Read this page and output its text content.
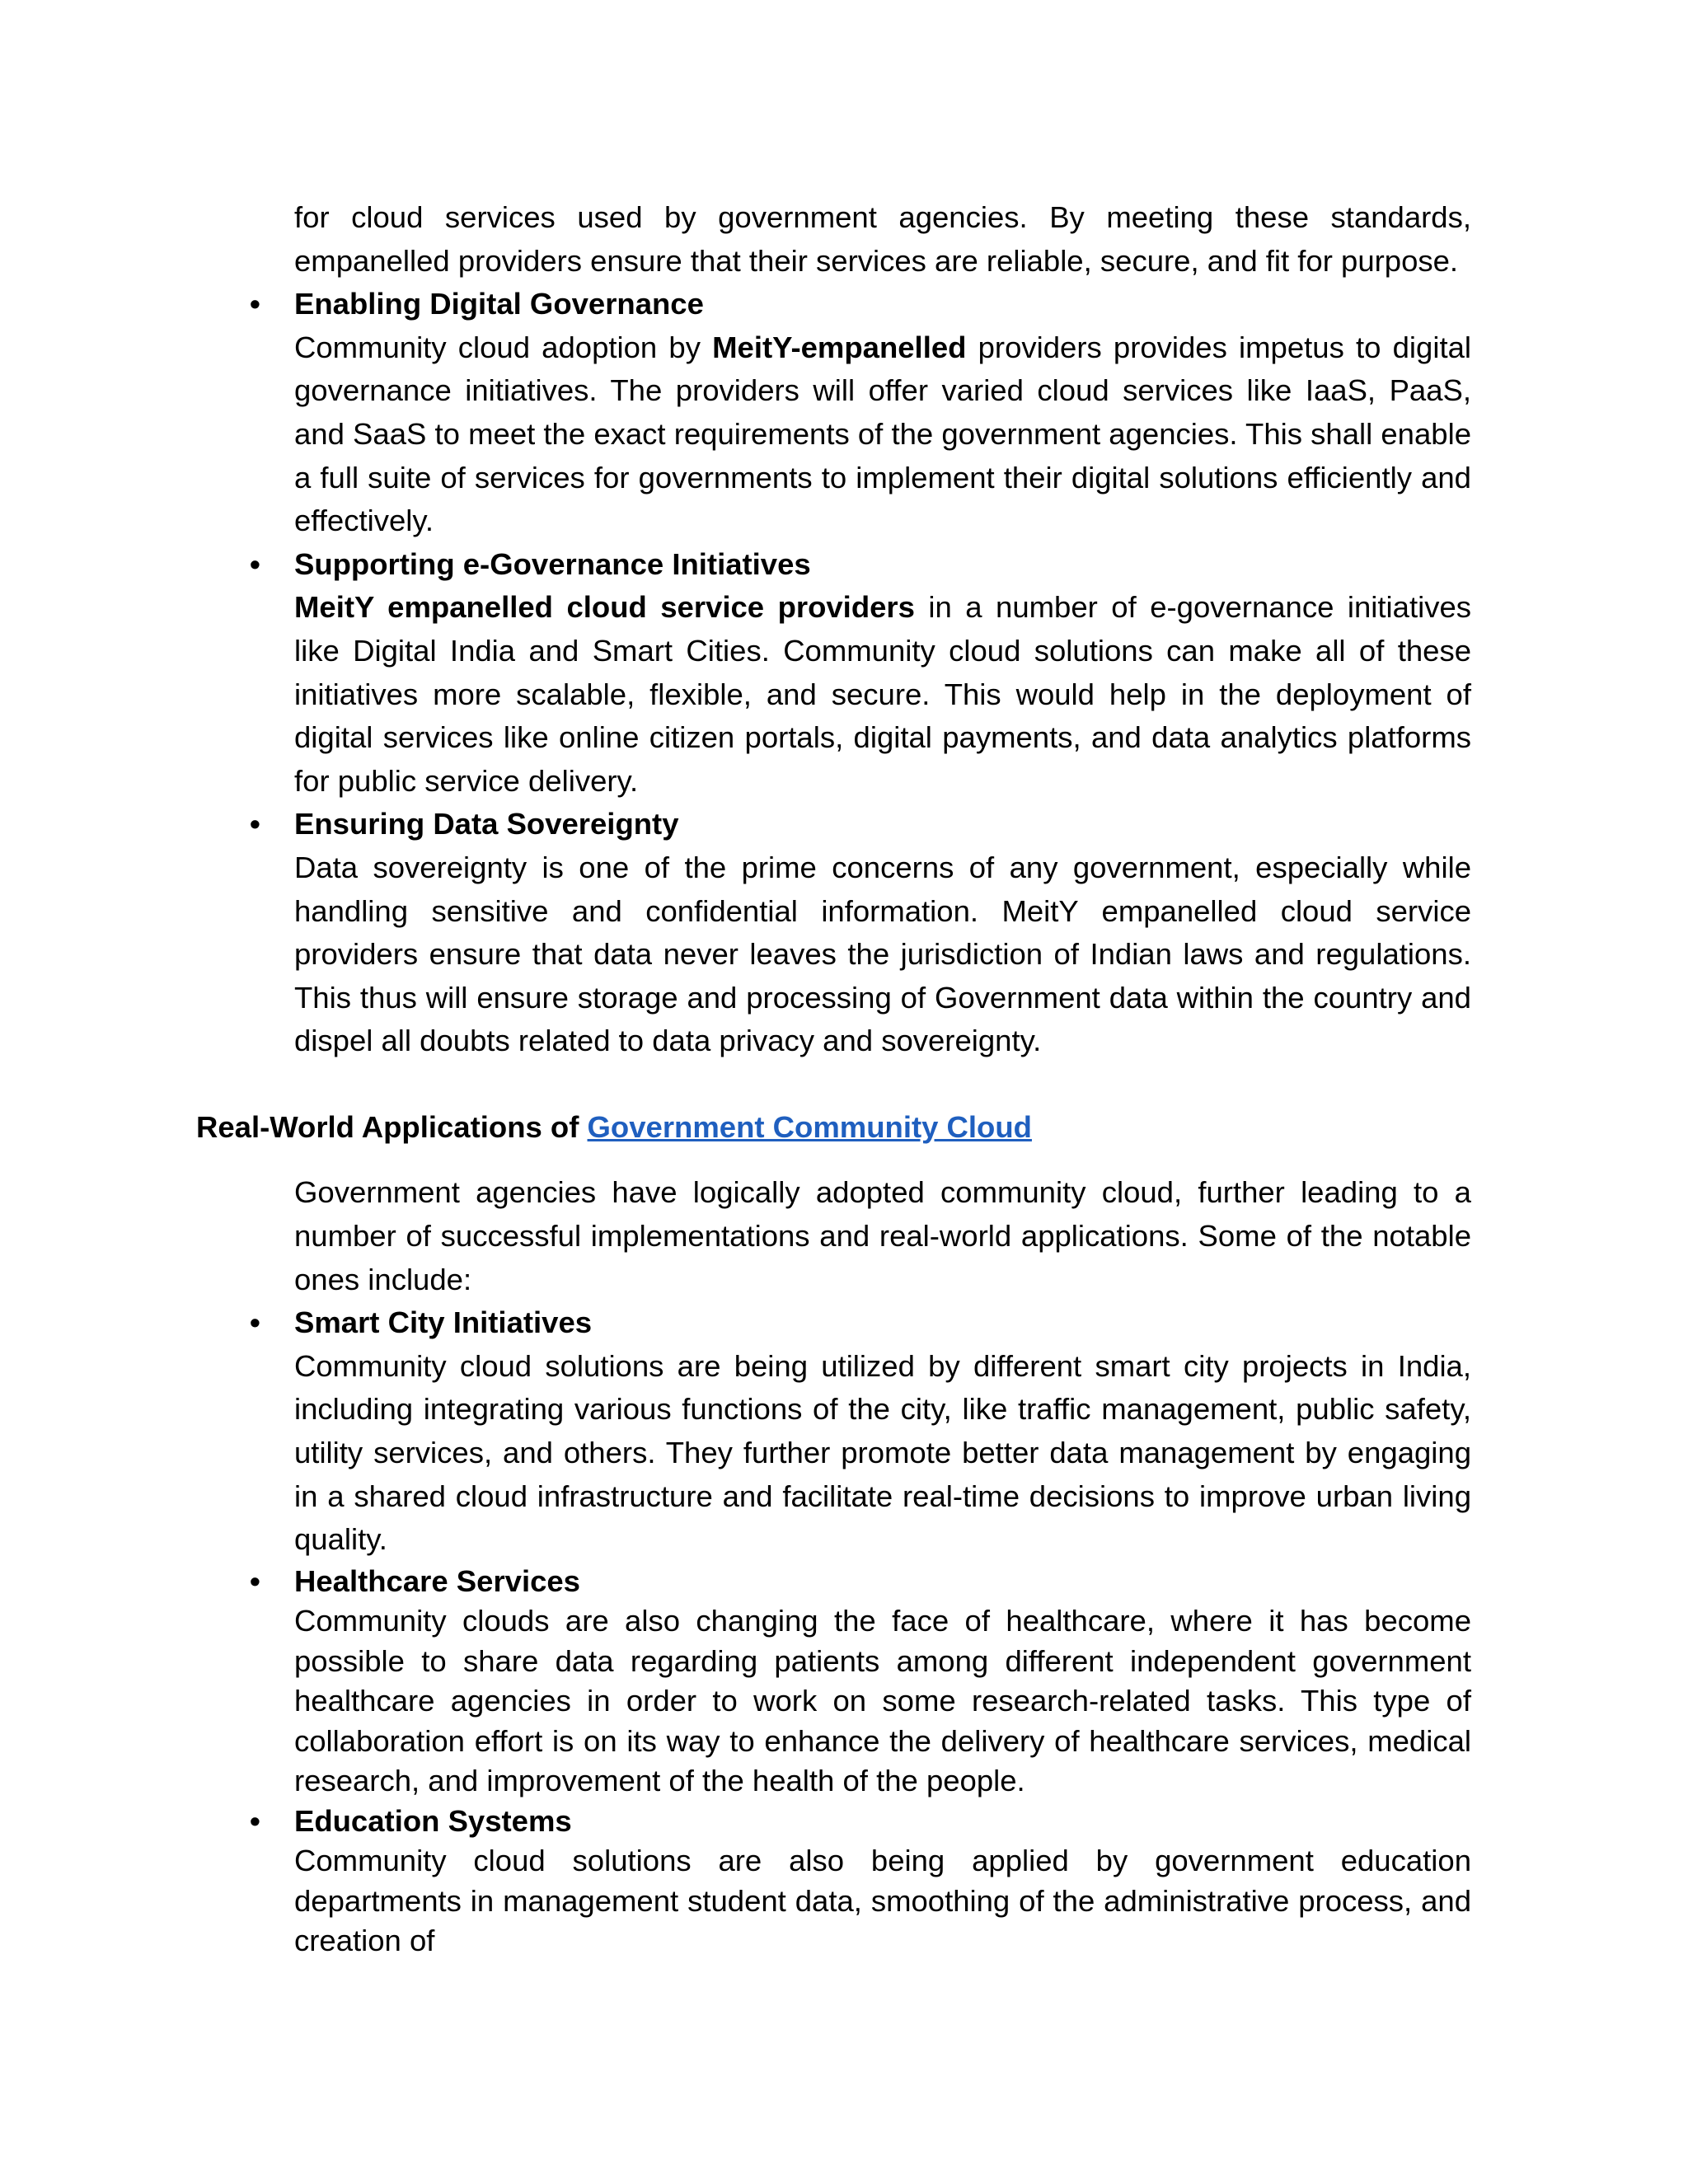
for cloud services used by government agencies. By meeting these standards, empanelled providers ensure that their services are reliable, secure, and fit for purpose.

• Enabling Digital Governance

Community cloud adoption by MeitY-empanelled providers provides impetus to digital governance initiatives. The providers will offer varied cloud services like IaaS, PaaS, and SaaS to meet the exact requirements of the government agencies. This shall enable a full suite of services for governments to implement their digital solutions efficiently and effectively.

• Supporting e-Governance Initiatives

MeitY empanelled cloud service providers in a number of e-governance initiatives like Digital India and Smart Cities. Community cloud solutions can make all of these initiatives more scalable, flexible, and secure. This would help in the deployment of digital services like online citizen portals, digital payments, and data analytics platforms for public service delivery.

• Ensuring Data Sovereignty

Data sovereignty is one of the prime concerns of any government, especially while handling sensitive and confidential information. MeitY empanelled cloud service providers ensure that data never leaves the jurisdiction of Indian laws and regulations. This thus will ensure storage and processing of Government data within the country and dispel all doubts related to data privacy and sovereignty.

Real-World Applications of Government Community Cloud

Government agencies have logically adopted community cloud, further leading to a number of successful implementations and real-world applications. Some of the notable ones include:

• Smart City Initiatives

Community cloud solutions are being utilized by different smart city projects in India, including integrating various functions of the city, like traffic management, public safety, utility services, and others. They further promote better data management by engaging in a shared cloud infrastructure and facilitate real-time decisions to improve urban living quality.

• Healthcare Services

Community clouds are also changing the face of healthcare, where it has become possible to share data regarding patients among different independent government healthcare agencies in order to work on some research-related tasks. This type of collaboration effort is on its way to enhance the delivery of healthcare services, medical research, and improvement of the health of the people.

• Education Systems

Community cloud solutions are also being applied by government education departments in management student data, smoothing of the administrative process, and creation of
